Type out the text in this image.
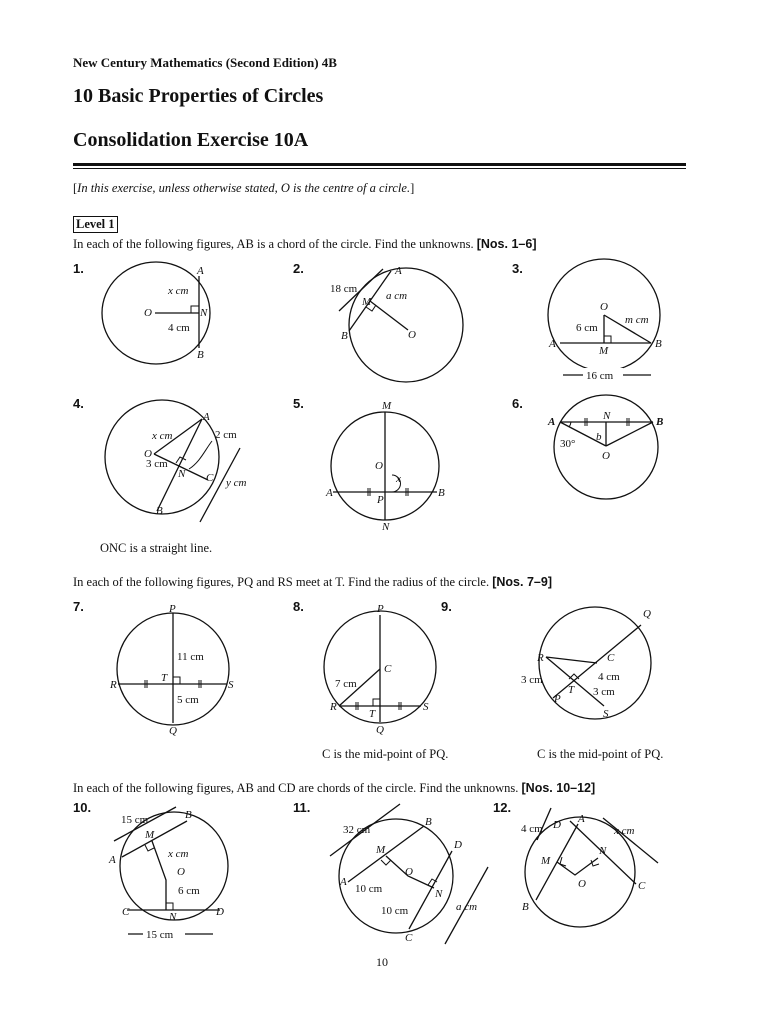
New Century Mathematics (Second Edition) 4B
10 Basic Properties of Circles
Consolidation Exercise 10A
[In this exercise, unless otherwise stated, O is the centre of a circle.]
Level 1
In each of the following figures, AB is a chord of the circle. Find the unknowns. [Nos. 1–6]
In each of the following figures, PQ and RS meet at T. Find the radius of the circle. [Nos. 7–9]
In each of the following figures, AB and CD are chords of the circle. Find the unknowns. [Nos. 10–12]
1.	2.	3.
4.	5.	6.
7.	8.	9.
10.	11.	12.
ONC is a straight line.
C is the mid-point of PQ.	C is the mid-point of PQ.
A
x cm
O	N
4 cm
B
18 cm
A
M a cm
B	O
O
6 cm
m cm
A
M
B
16 cm
A
x cm	2 cm
O
3 cm
N C y cm
B
M
O
x
A
P
B
N
N
A	B
b
30°
O
P
11 cm
R
T
S
5 cm
Q
P
C
7 cm
R
T
S
Q
Q
R	C
3 cm	4 cm
T 3 cm
P
S
15 cm	B
M
x cm
A
O
6 cm
C	N	D
15 cm
32 cm
B
M	D
O
A
10 cm	N
10 cm	a cm
C
4 cm D A
x cm
M
N
O	C
B
10
